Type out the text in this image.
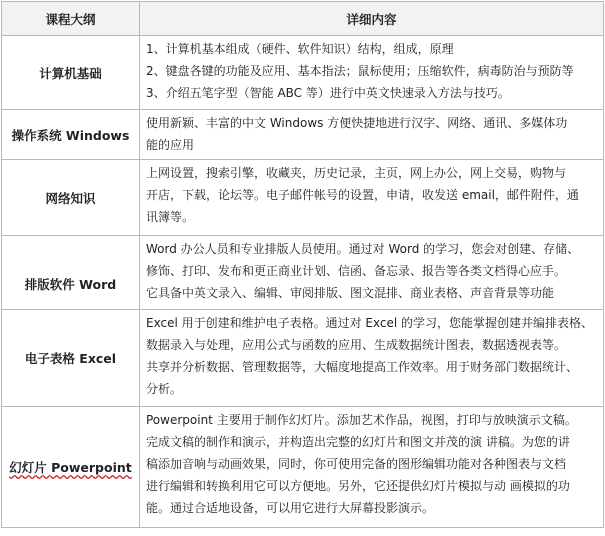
课程大纲	详细内容
计算机基础	1、计算机基本组成（硬件、软件知识）结构，组成，原理
2、键盘各键的功能及应用、基本指法；鼠标使用；压缩软件，病毒防治与预防等
3、介绍五笔字型（智能 ABC 等）进行中英文快速录入方法与技巧。

操作系统 Windows	使用新颖、丰富的中文 Windows 方便快捷地进行汉字、网络、通讯、多媒体功
能的应用

网络知识	上网设置，搜索引擎，收藏夹，历史记录，主页，网上办公，网上交易，购物与
开店，下载，论坛等。电子邮件帐号的设置，申请，收发送 email，邮件附件，通
讯簿等。

排版软件 Word	Word 办公人员和专业排版人员使用。通过对 Word 的学习，您会对创建、存储、
修饰、打印、发布和更正商业计划、信函、备忘录、报告等各类文档得心应手。
它具备中英文录入、编辑、审阅排版、图文混排、商业表格、声音背景等功能

电子表格 Excel	Excel 用于创建和维护电子表格。通过对 Excel 的学习，您能掌握创建并编排表格、
数据录入与处理，应用公式与函数的应用、生成数据统计图表，数据透视表等。
共享并分析数据、管理数据等，大幅度地提高工作效率。用于财务部门数据统计、
分析。

幻灯片 Powerpoint	Powerpoint 主要用于制作幻灯片。添加艺术作品，视图，打印与放映演示文稿。
完成文稿的制作和演示，并构造出完整的幻灯片和图文并茂的演 讲稿。为您的讲
稿添加音响与动画效果，同时，你可使用完备的图形编辑功能对各种图表与文档
进行编辑和转换利用它可以方便地。另外，它还提供幻灯片模拟与动 画模拟的功
能。通过合适地设备，可以用它进行大屏幕投影演示。
